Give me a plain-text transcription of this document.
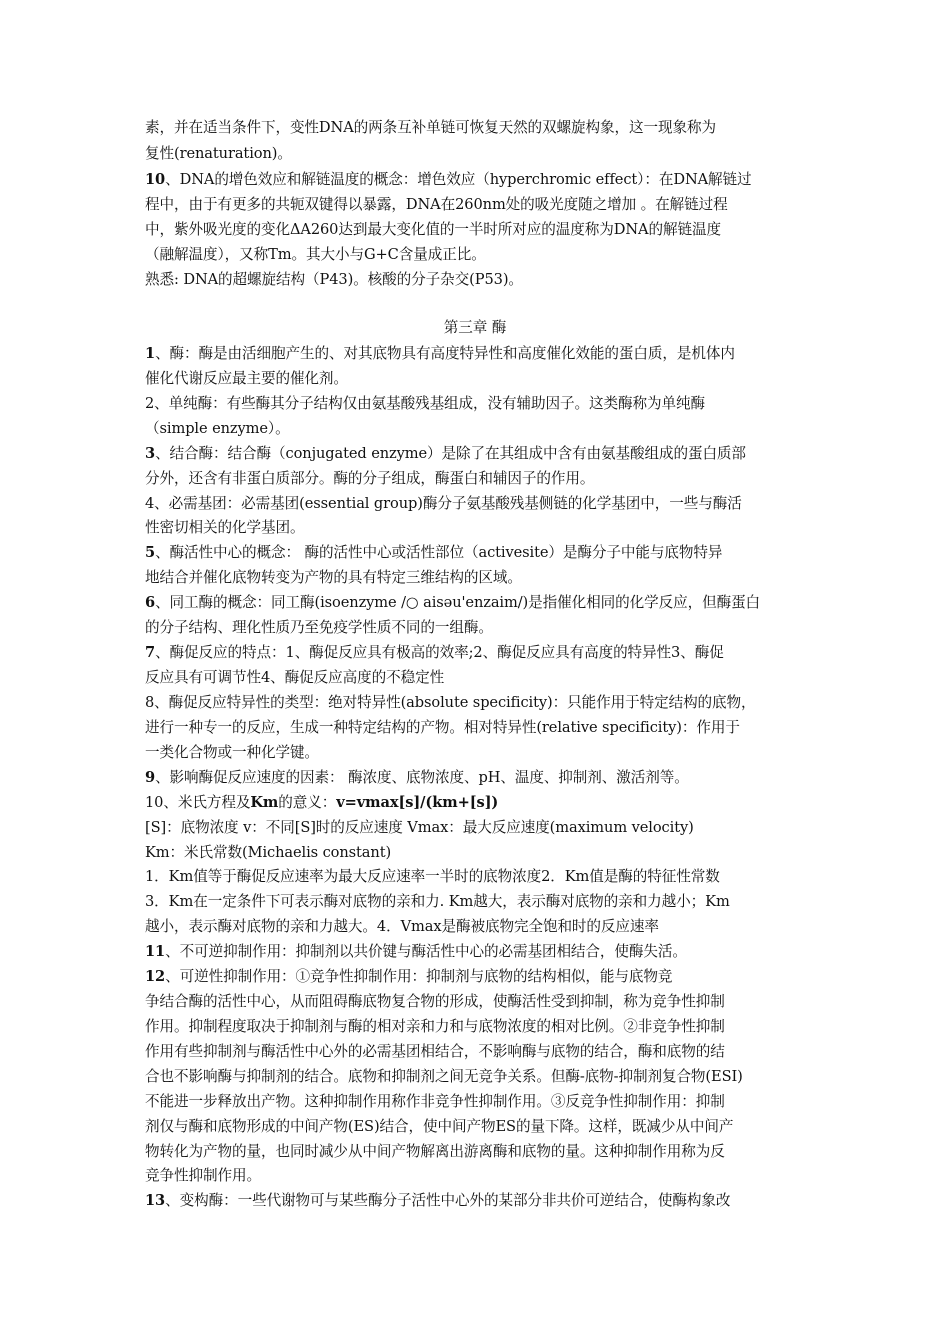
素，并在适当条件下，变性DNA的两条互补单链可恢复天然的双螺旋构象，这一现象称为
复性(renaturation)。
10、DNA的增色效应和解链温度的概念：增色效应（hyperchromic effect）：在DNA解链过
程中，由于有更多的共轭双键得以暴露，DNA在260nm处的吸光度随之增加 。在解链过程
中，紫外吸光度的变化ΔA260达到最大变化值的一半时所对应的温度称为DNA的解链温度
（融解温度），又称Tm。其大小与G+C含量成正比。
熟悉: DNA的超螺旋结构（P43)。核酸的分子杂交(P53)。
第三章 酶
1、酶：酶是由活细胞产生的、对其底物具有高度特异性和高度催化效能的蛋白质，是机体内
催化代谢反应最主要的催化剂。
2、单纯酶：有些酶其分子结构仅由氨基酸残基组成，没有辅助因子。这类酶称为单纯酶
（simple enzyme）。
3、结合酶：结合酶（conjugated enzyme）是除了在其组成中含有由氨基酸组成的蛋白质部
分外，还含有非蛋白质部分。酶的分子组成，酶蛋白和辅因子的作用。
4、必需基团：必需基团(essential group)酶分子氨基酸残基侧链的化学基团中，一些与酶活
性密切相关的化学基团。
5、酶活性中心的概念： 酶的活性中心或活性部位（activesite）是酶分子中能与底物特异
地结合并催化底物转变为产物的具有特定三维结构的区域。
6、同工酶的概念：同工酶(isoenzyme /○ aisəu'enzaim/)是指催化相同的化学反应，但酶蛋白
的分子结构、理化性质乃至免疫学性质不同的一组酶。
7、酶促反应的特点：1、酶促反应具有极高的效率;2、酶促反应具有高度的特异性3、酶促
反应具有可调节性4、酶促反应高度的不稳定性
8、酶促反应特异性的类型：绝对特异性(absolute specificity)：只能作用于特定结构的底物，
进行一种专一的反应，生成一种特定结构的产物。相对特异性(relative specificity)：作用于
一类化合物或一种化学键。
9、影响酶促反应速度的因素： 酶浓度、底物浓度、pH、温度、抑制剂、激活剂等。
10、米氏方程及Km的意义：v=vmax[s]/(km+[s])
[S]：底物浓度 v：不同[S]时的反应速度 Vmax：最大反应速度(maximum velocity)
Km：米氏常数(Michaelis constant)
1．Km值等于酶促反应速率为最大反应速率一半时的底物浓度2．Km值是酶的特征性常数
3．Km在一定条件下可表示酶对底物的亲和力. Km越大，表示酶对底物的亲和力越小；Km
越小，表示酶对底物的亲和力越大。4．Vmax是酶被底物完全饱和时的反应速率
11、不可逆抑制作用：抑制剂以共价键与酶活性中心的必需基团相结合，使酶失活。
12、可逆性抑制作用：①竞争性抑制作用：抑制剂与底物的结构相似，能与底物竞
争结合酶的活性中心，从而阻碍酶底物复合物的形成，使酶活性受到抑制，称为竞争性抑制
作用。抑制程度取决于抑制剂与酶的相对亲和力和与底物浓度的相对比例。②非竞争性抑制
作用有些抑制剂与酶活性中心外的必需基团相结合，不影响酶与底物的结合，酶和底物的结
合也不影响酶与抑制剂的结合。底物和抑制剂之间无竞争关系。但酶-底物-抑制剂复合物(ESI)
不能进一步释放出产物。这种抑制作用称作非竞争性抑制作用。③反竞争性抑制作用：抑制
剂仅与酶和底物形成的中间产物(ES)结合，使中间产物ES的量下降。这样，既减少从中间产
物转化为产物的量，也同时减少从中间产物解离出游离酶和底物的量。这种抑制作用称为反
竞争性抑制作用。
13、变构酶：一些代谢物可与某些酶分子活性中心外的某部分非共价可逆结合，使酶构象改
